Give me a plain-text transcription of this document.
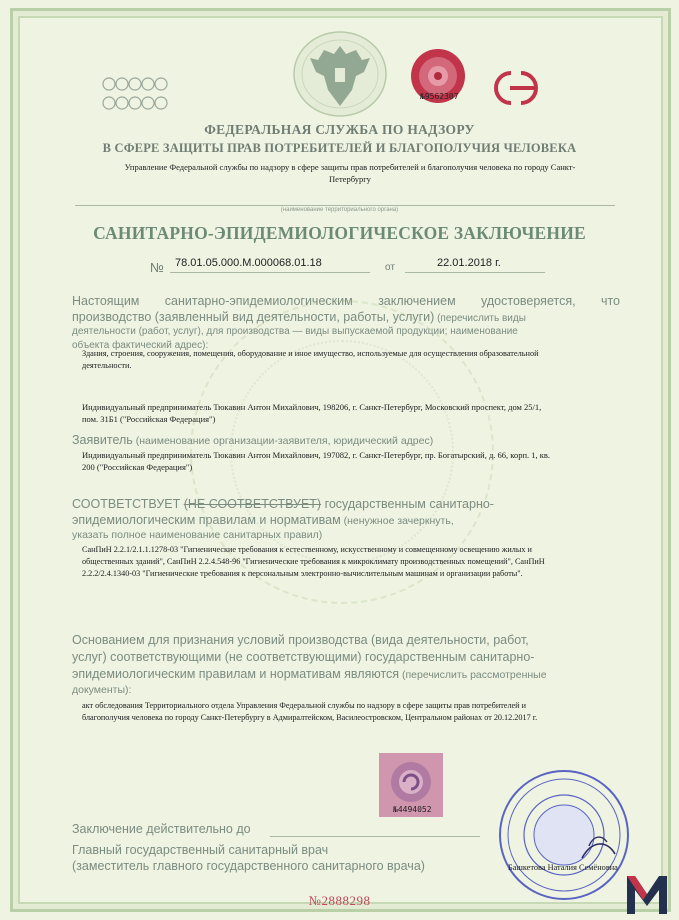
№9562307
ФЕДЕРАЛЬНАЯ СЛУЖБА ПО НАДЗОРУ
В СФЕРЕ ЗАЩИТЫ ПРАВ ПОТРЕБИТЕЛЕЙ И БЛАГОПОЛУЧИЯ ЧЕЛОВЕКА
Управление Федеральной службы по надзору в сфере защиты прав потребителей и благополучия человека по городу Санкт-
Петербургу
(наименование территориального органа)
САНИТАРНО-ЭПИДЕМИОЛОГИЧЕСКОЕ ЗАКЛЮЧЕНИЕ
№ 78.01.05.000.М.000068.01.18	от	22.01.2018 г.
Настоящим санитарно-эпидемиологическим заключением удостоверяется, что
производство (заявленный вид деятельности, работы, услуги) (перечислить виды
деятельности (работ, услуг), для производства — виды выпускаемой продукции; наименование
объекта фактический адрес):
Здания, строения, сооружения, помещения, оборудование и иное имущество, используемые для осуществления образовательной
деятельности.
Индивидуальный предприниматель Тюкавин Антон Михайлович, 198206, г. Санкт-Петербург, Московский проспект, дом 25/1,
пом. 31Б1 ("Российская Федерация")
Заявитель (наименование организации-заявителя, юридический адрес)
Индивидуальный предприниматель Тюкавин Антон Михайлович, 197082, г. Санкт-Петербург, пр. Богатырский, д. 66, корп. 1, кв.
200 ("Российская Федерация")
СООТВЕТСТВУЕТ (НЕ СООТВЕТСТВУЕТ) государственным санитарно-
эпидемиологическим правилам и нормативам (ненужное зачеркнуть,
указать полное наименование санитарных правил)
СанПиН 2.2.1/2.1.1.1278-03 "Гигиенические требования к естественному, искусственному и совмещенному освещению жилых и
общественных зданий", СанПиН 2.2.4.548-96 "Гигиенические требования к микроклимату производственных помещений", СанПиН
2.2.2/2.4.1340-03 "Гигиенические требования к персональным электронно-вычислительным машинам и организации работы".
Основанием для признания условий производства (вида деятельности, работ,
услуг) соответствующими (не соответствующими) государственным санитарно-
эпидемиологическим правилам и нормативам являются (перечислить рассмотренные
документы):
акт обследования Территориального отдела Управления Федеральной службы по надзору в сфере защиты прав потребителей и
благополучия человека по городу Санкт-Петербургу в Адмиралтейском, Василеостровском, Центральном районах от 20.12.2017 г.
№4494052
Заключение действительно до
Главный государственный санитарный врач
(заместитель главного государственного санитарного врача)	Башкетова Наталия Семёновна
№2888298
